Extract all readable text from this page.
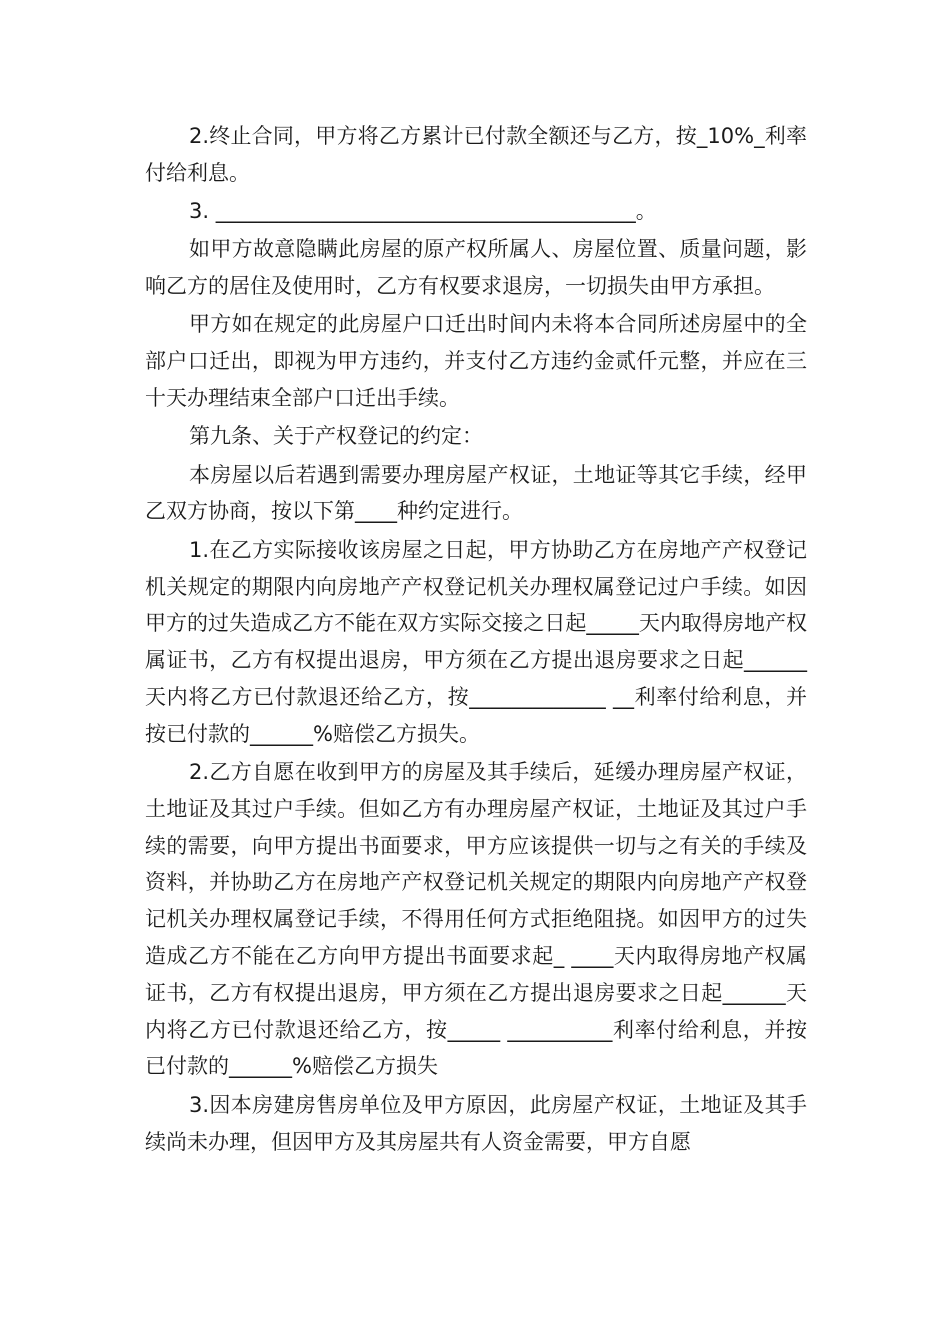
2.终止合同，甲方将乙方累计已付款全额还与乙方，按_10%_利率付给利息。

3. ________________________________________。

如甲方故意隐瞒此房屋的原产权所属人、房屋位置、质量问题，影响乙方的居住及使用时，乙方有权要求退房，一切损失由甲方承担。

甲方如在规定的此房屋户口迁出时间内未将本合同所述房屋中的全部户口迁出，即视为甲方违约，并支付乙方违约金贰仟元整，并应在三十天办理结束全部户口迁出手续。

第九条、关于产权登记的约定：

本房屋以后若遇到需要办理房屋产权证，土地证等其它手续，经甲乙双方协商，按以下第____种约定进行。

1.在乙方实际接收该房屋之日起，甲方协助乙方在房地产产权登记机关规定的期限内向房地产产权登记机关办理权属登记过户手续。如因甲方的过失造成乙方不能在双方实际交接之日起_____天内取得房地产权属证书，乙方有权提出退房，甲方须在乙方提出退房要求之日起______天内将乙方已付款退还给乙方，按_____________ __利率付给利息，并按已付款的______%赔偿乙方损失。

2.乙方自愿在收到甲方的房屋及其手续后，延缓办理房屋产权证，土地证及其过户手续。但如乙方有办理房屋产权证，土地证及其过户手续的需要，向甲方提出书面要求，甲方应该提供一切与之有关的手续及资料，并协助乙方在房地产产权登记机关规定的期限内向房地产产权登记机关办理权属登记手续，不得用任何方式拒绝阻挠。如因甲方的过失造成乙方不能在乙方向甲方提出书面要求起_ ____天内取得房地产权属证书，乙方有权提出退房，甲方须在乙方提出退房要求之日起______天内将乙方已付款退还给乙方，按_____ __________利率付给利息，并按已付款的______%赔偿乙方损失

3.因本房建房售房单位及甲方原因，此房屋产权证，土地证及其手续尚未办理，但因甲方及其房屋共有人资金需要，甲方自愿
